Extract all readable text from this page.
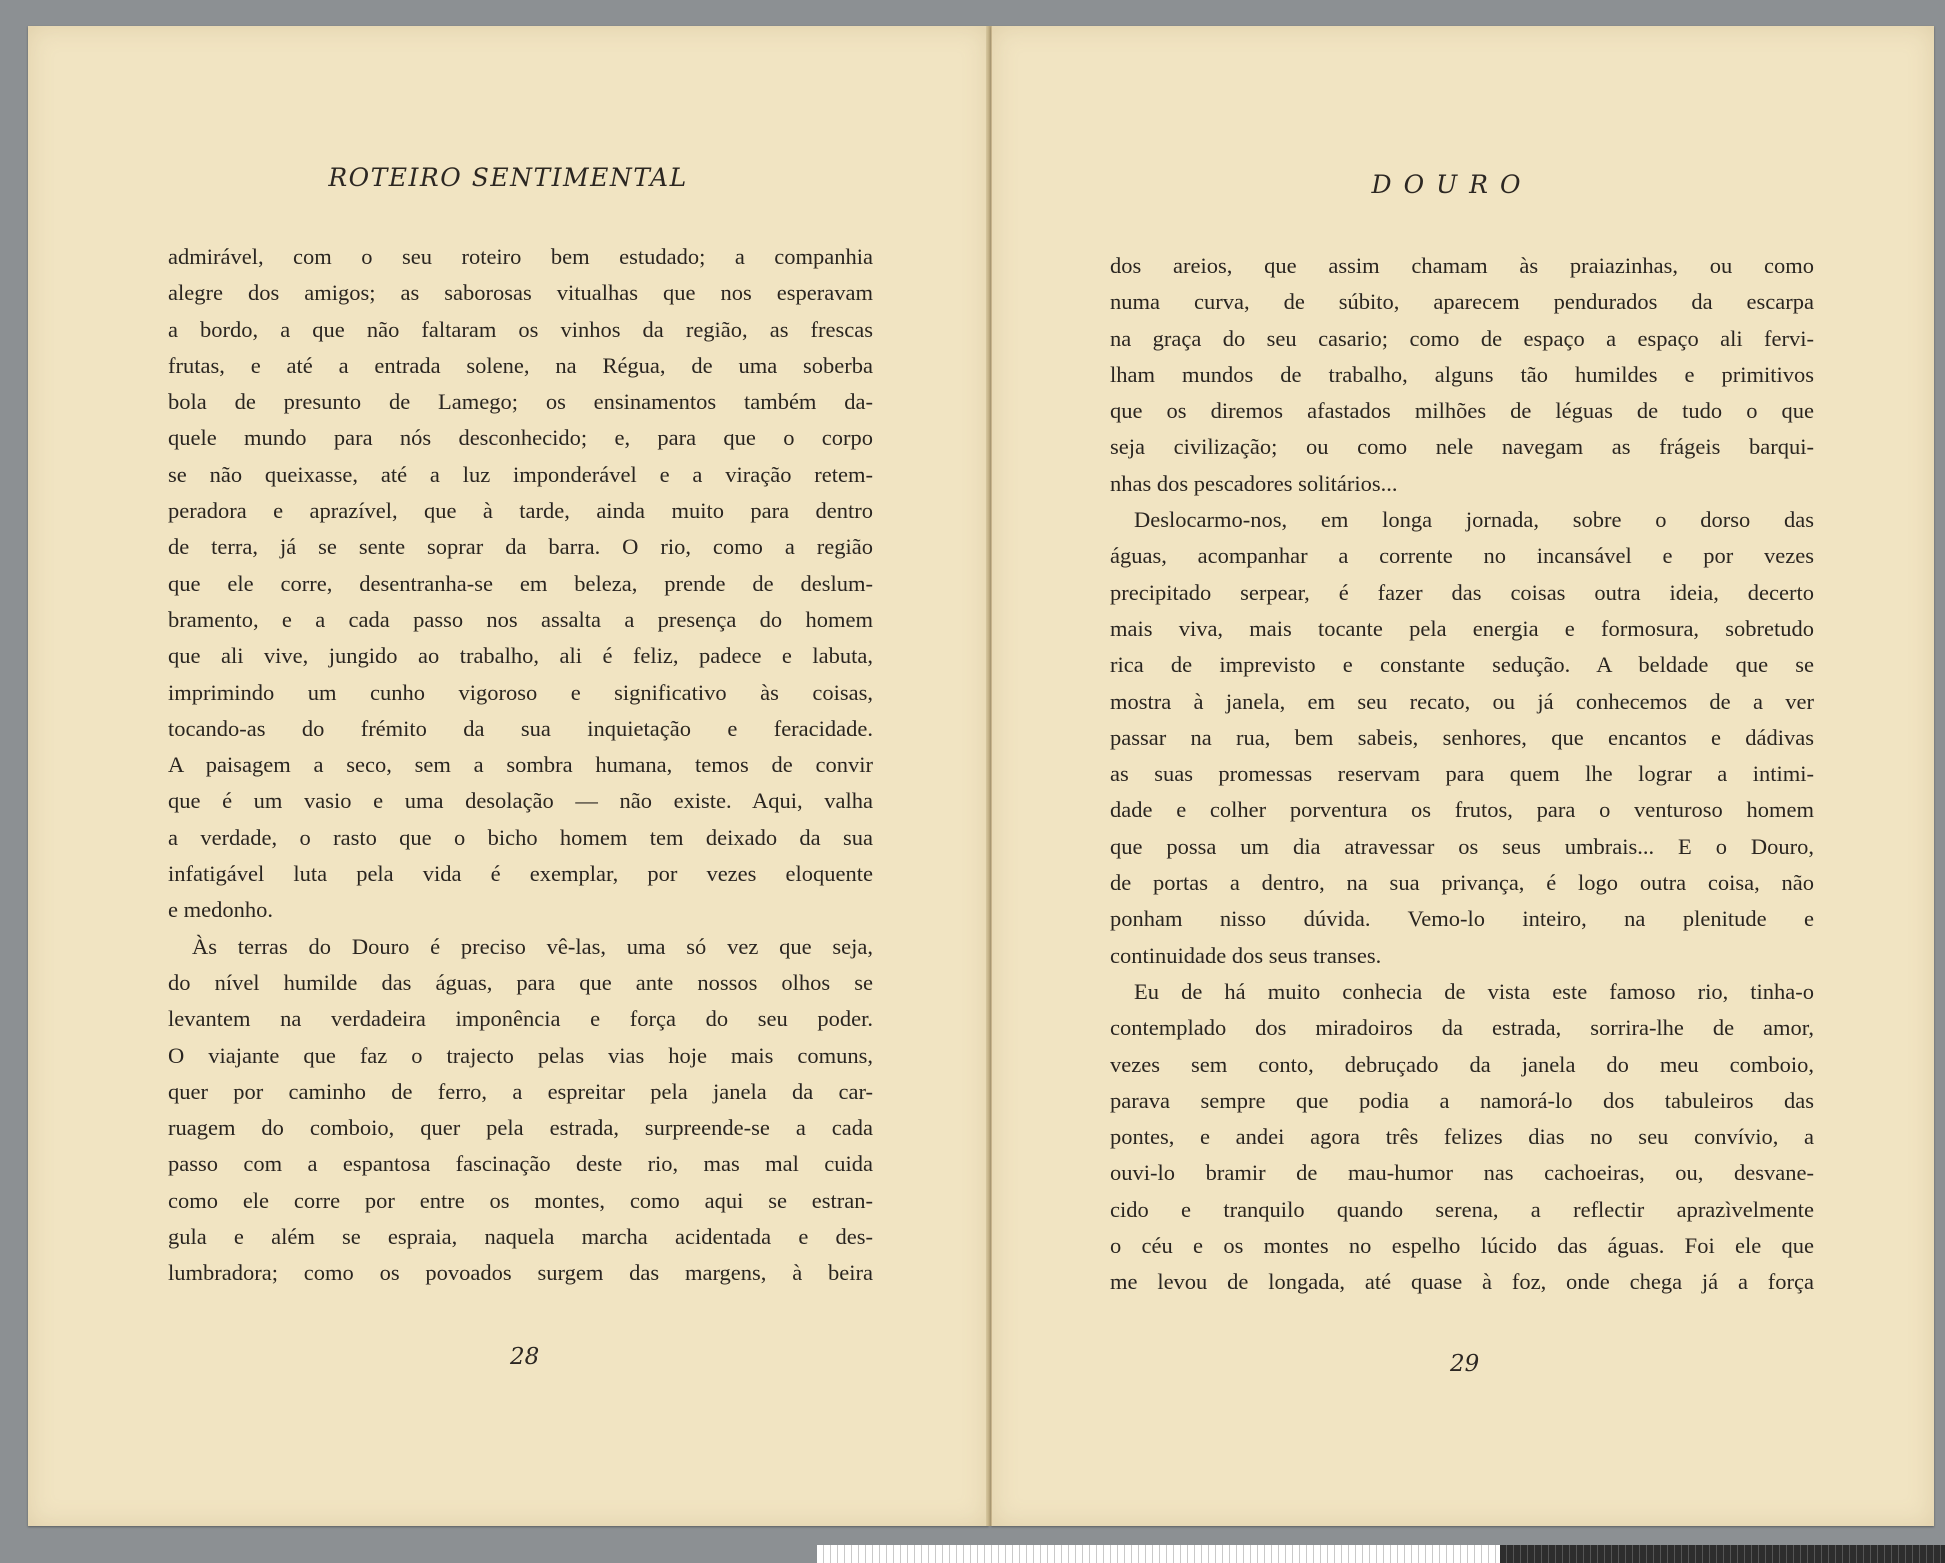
ROTEIRO SENTIMENTAL
admirável, com o seu roteiro bem estudado; a companhia
alegre dos amigos; as saborosas vitualhas que nos esperavam
a bordo, a que não faltaram os vinhos da região, as frescas
frutas, e até a entrada solene, na Régua, de uma soberba
bola de presunto de Lamego; os ensinamentos também da-
quele mundo para nós desconhecido; e, para que o corpo
se não queixasse, até a luz imponderável e a viração retem-
peradora e aprazível, que à tarde, ainda muito para dentro
de terra, já se sente soprar da barra. O rio, como a região
que ele corre, desentranha-se em beleza, prende de deslum-
bramento, e a cada passo nos assalta a presença do homem
que ali vive, jungido ao trabalho, ali é feliz, padece e labuta,
imprimindo um cunho vigoroso e significativo às coisas,
tocando-as do frémito da sua inquietação e feracidade.
A paisagem a seco, sem a sombra humana, temos de convir
que é um vasio e uma desolação — não existe. Aqui, valha
a verdade, o rasto que o bicho homem tem deixado da sua
infatigável luta pela vida é exemplar, por vezes eloquente
e medonho.
Às terras do Douro é preciso vê-las, uma só vez que seja,
do nível humilde das águas, para que ante nossos olhos se
levantem na verdadeira imponência e força do seu poder.
O viajante que faz o trajecto pelas vias hoje mais comuns,
quer por caminho de ferro, a espreitar pela janela da car-
ruagem do comboio, quer pela estrada, surpreende-se a cada
passo com a espantosa fascinação deste rio, mas mal cuida
como ele corre por entre os montes, como aqui se estran-
gula e além se espraia, naquela marcha acidentada e des-
lumbradora; como os povoados surgem das margens, à beira
28
DOURO
dos areios, que assim chamam às praiazinhas, ou como
numa curva, de súbito, aparecem pendurados da escarpa
na graça do seu casario; como de espaço a espaço ali fervi-
lham mundos de trabalho, alguns tão humildes e primitivos
que os diremos afastados milhões de léguas de tudo o que
seja civilização; ou como nele navegam as frágeis barqui-
nhas dos pescadores solitários...
Deslocarmo-nos, em longa jornada, sobre o dorso das
águas, acompanhar a corrente no incansável e por vezes
precipitado serpear, é fazer das coisas outra ideia, decerto
mais viva, mais tocante pela energia e formosura, sobretudo
rica de imprevisto e constante sedução. A beldade que se
mostra à janela, em seu recato, ou já conhecemos de a ver
passar na rua, bem sabeis, senhores, que encantos e dádivas
as suas promessas reservam para quem lhe lograr a intimi-
dade e colher porventura os frutos, para o venturoso homem
que possa um dia atravessar os seus umbrais... E o Douro,
de portas a dentro, na sua privança, é logo outra coisa, não
ponham nisso dúvida. Vemo-lo inteiro, na plenitude e
continuidade dos seus transes.
Eu de há muito conhecia de vista este famoso rio, tinha-o
contemplado dos miradoiros da estrada, sorrira-lhe de amor,
vezes sem conto, debruçado da janela do meu comboio,
parava sempre que podia a namorá-lo dos tabuleiros das
pontes, e andei agora três felizes dias no seu convívio, a
ouvi-lo bramir de mau-humor nas cachoeiras, ou, desvane-
cido e tranquilo quando serena, a reflectir aprazìvelmente
o céu e os montes no espelho lúcido das águas. Foi ele que
me levou de longada, até quase à foz, onde chega já a força
29
